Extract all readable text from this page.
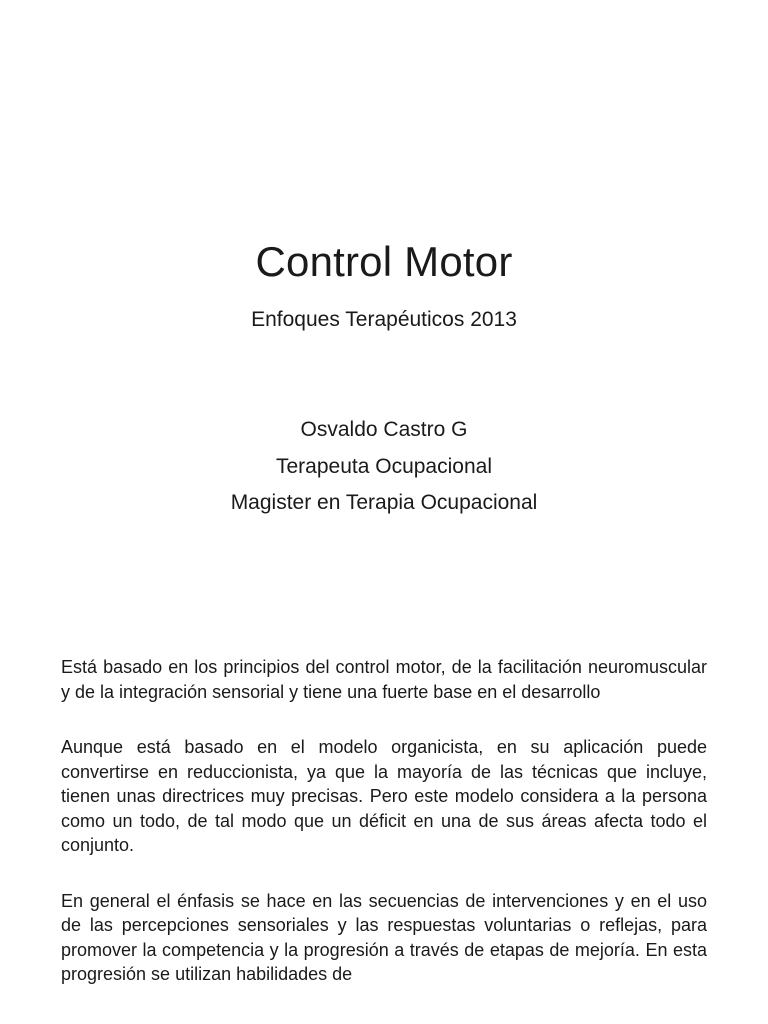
Control Motor

Enfoques Terapéuticos 2013

Osvaldo Castro G
Terapeuta Ocupacional
Magister en Terapia Ocupacional

Está basado en los principios del control motor, de la facilitación neuromuscular y de la integración sensorial y tiene una fuerte base en el desarrollo

Aunque está basado en el modelo organicista, en su aplicación puede convertirse en reduccionista, ya que la mayoría de las técnicas que incluye, tienen unas directrices muy precisas. Pero este modelo considera a la persona como un todo, de tal modo que un déficit en una de sus áreas afecta todo el conjunto.

En general el énfasis se hace en las secuencias de intervenciones y en el uso de las percepciones sensoriales y las respuestas voluntarias o reflejas, para promover la competencia y la progresión a través de etapas de mejoría. En esta progresión se utilizan habilidades de
